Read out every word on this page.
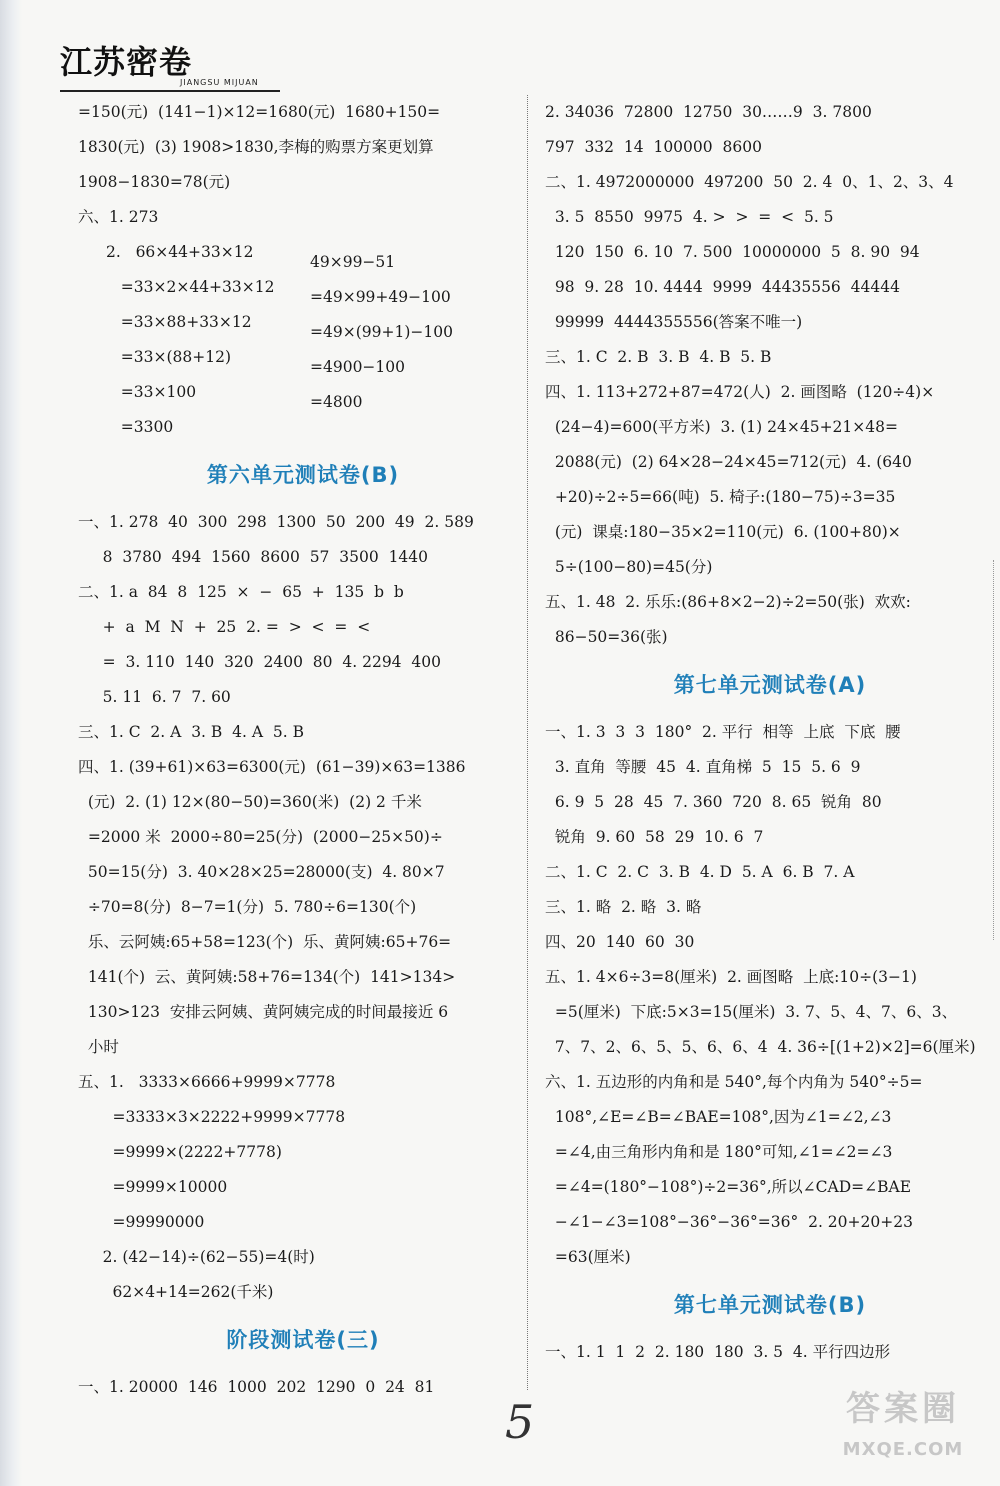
江苏密卷
JIANGSU MIJUAN
=150(元)  (141−1)×12=1680(元)  1680+150=
1830(元)  (3) 1908>1830,李梅的购票方案更划算
1908−1830=78(元)
六、1. 273
2.   66×44+33×12
=33×2×44+33×12
=33×88+33×12
=33×(88+12)
=33×100
=3300
49×99−51
=49×99+49−100
=49×(99+1)−100
=4900−100
=4800
第六单元测试卷(B)
一、1. 278  40  300  298  1300  50  200  49  2. 589
8  3780  494  1560  8600  57  3500  1440
二、1. a  84  8  125  ×  −  65  +  135  b  b
+  a  M  N  +  25  2. =  >  <  =  <
=  3. 110  140  320  2400  80  4. 2294  400
5. 11  6. 7  7. 60
三、1. C  2. A  3. B  4. A  5. B
四、1. (39+61)×63=6300(元)  (61−39)×63=1386
(元)  2. (1) 12×(80−50)=360(米)  (2) 2 千米
=2000 米  2000÷80=25(分)  (2000−25×50)÷
50=15(分)  3. 40×28×25=28000(支)  4. 80×7
÷70=8(分)  8−7=1(分)  5. 780÷6=130(个)
乐、云阿姨:65+58=123(个)  乐、黄阿姨:65+76=
141(个)  云、黄阿姨:58+76=134(个)  141>134>
130>123  安排云阿姨、黄阿姨完成的时间最接近 6
小时
五、1.   3333×6666+9999×7778
=3333×3×2222+9999×7778
=9999×(2222+7778)
=9999×10000
=99990000
2. (42−14)÷(62−55)=4(时)
62×4+14=262(千米)
阶段测试卷(三)
一、1. 20000  146  1000  202  1290  0  24  81
2. 34036  72800  12750  30……9  3. 7800
797  332  14  100000  8600
二、1. 4972000000  497200  50  2. 4  0、1、2、3、4
3. 5  8550  9975  4. >  >  =  <  5. 5
120  150  6. 10  7. 500  10000000  5  8. 90  94
98  9. 28  10. 4444  9999  44435556  44444
99999  4444355556(答案不唯一)
三、1. C  2. B  3. B  4. B  5. B
四、1. 113+272+87=472(人)  2. 画图略  (120÷4)×
(24−4)=600(平方米)  3. (1) 24×45+21×48=
2088(元)  (2) 64×28−24×45=712(元)  4. (640
+20)÷2÷5=66(吨)  5. 椅子:(180−75)÷3=35
(元)  课桌:180−35×2=110(元)  6. (100+80)×
5÷(100−80)=45(分)
五、1. 48  2. 乐乐:(86+8×2−2)÷2=50(张)  欢欢:
86−50=36(张)
第七单元测试卷(A)
一、1. 3  3  3  180°  2. 平行  相等  上底  下底  腰
3. 直角  等腰  45  4. 直角梯  5  15  5. 6  9
6. 9  5  28  45  7. 360  720  8. 65  锐角  80
锐角  9. 60  58  29  10. 6  7
二、1. C  2. C  3. B  4. D  5. A  6. B  7. A
三、1. 略  2. 略  3. 略
四、20  140  60  30
五、1. 4×6÷3=8(厘米)  2. 画图略  上底:10÷(3−1)
=5(厘米)  下底:5×3=15(厘米)  3. 7、5、4、7、6、3、
7、7、2、6、5、5、6、6、4  4. 36÷[(1+2)×2]=6(厘米)
六、1. 五边形的内角和是 540°,每个内角为 540°÷5=
108°,∠E=∠B=∠BAE=108°,因为∠1=∠2,∠3
=∠4,由三角形内角和是 180°可知,∠1=∠2=∠3
=∠4=(180°−108°)÷2=36°,所以∠CAD=∠BAE
−∠1−∠3=108°−36°−36°=36°  2. 20+20+23
=63(厘米)
第七单元测试卷(B)
一、1. 1  1  2  2. 180  180  3. 5  4. 平行四边形
5	答案圈
MXQE.COM
